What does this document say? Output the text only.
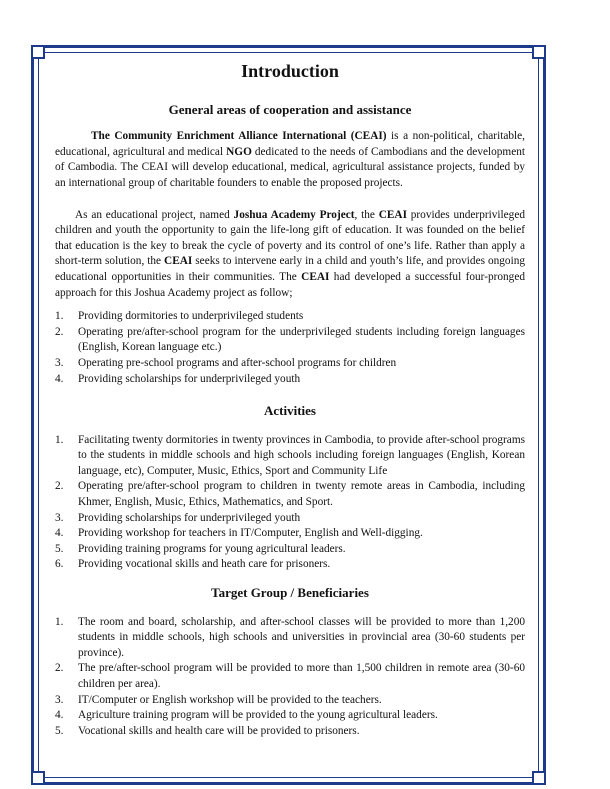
Introduction
General areas of cooperation and assistance

The Community Enrichment Alliance International (CEAI) is a non-political, charitable, educational, agricultural and medical NGO dedicated to the needs of Cambodians and the development of Cambodia. The CEAI will develop educational, medical, agricultural assistance projects, funded by an international group of charitable founders to enable the proposed projects.

As an educational project, named Joshua Academy Project, the CEAI provides underprivileged children and youth the opportunity to gain the life-long gift of education. It was founded on the belief that education is the key to break the cycle of poverty and its control of one’s life. Rather than apply a short-term solution, the CEAI seeks to intervene early in a child and youth’s life, and provides ongoing educational opportunities in their communities. The CEAI had developed a successful four-pronged approach for this Joshua Academy project as follow;

1. Providing dormitories to underprivileged students
2. Operating pre/after-school program for the underprivileged students including foreign languages (English, Korean language etc.)
3. Operating pre-school programs and after-school programs for children
4. Providing scholarships for underprivileged youth
Activities
1. Facilitating twenty dormitories in twenty provinces in Cambodia, to provide after-school programs to the students in middle schools and high schools including foreign languages (English, Korean language, etc), Computer, Music, Ethics, Sport and Community Life
2. Operating pre/after-school program to children in twenty remote areas in Cambodia, including Khmer, English, Music, Ethics, Mathematics, and Sport.
3. Providing scholarships for underprivileged youth
4. Providing workshop for teachers in IT/Computer, English and Well-digging.
5. Providing training programs for young agricultural leaders.
6. Providing vocational skills and heath care for prisoners.
Target Group / Beneficiaries
1. The room and board, scholarship, and after-school classes will be provided to more than 1,200 students in middle schools, high schools and universities in provincial area (30-60 students per province).
2. The pre/after-school program will be provided to more than 1,500 children in remote area (30-60 children per area).
3. IT/Computer or English workshop will be provided to the teachers.
4. Agriculture training program will be provided to the young agricultural leaders.
5. Vocational skills and health care will be provided to prisoners.
